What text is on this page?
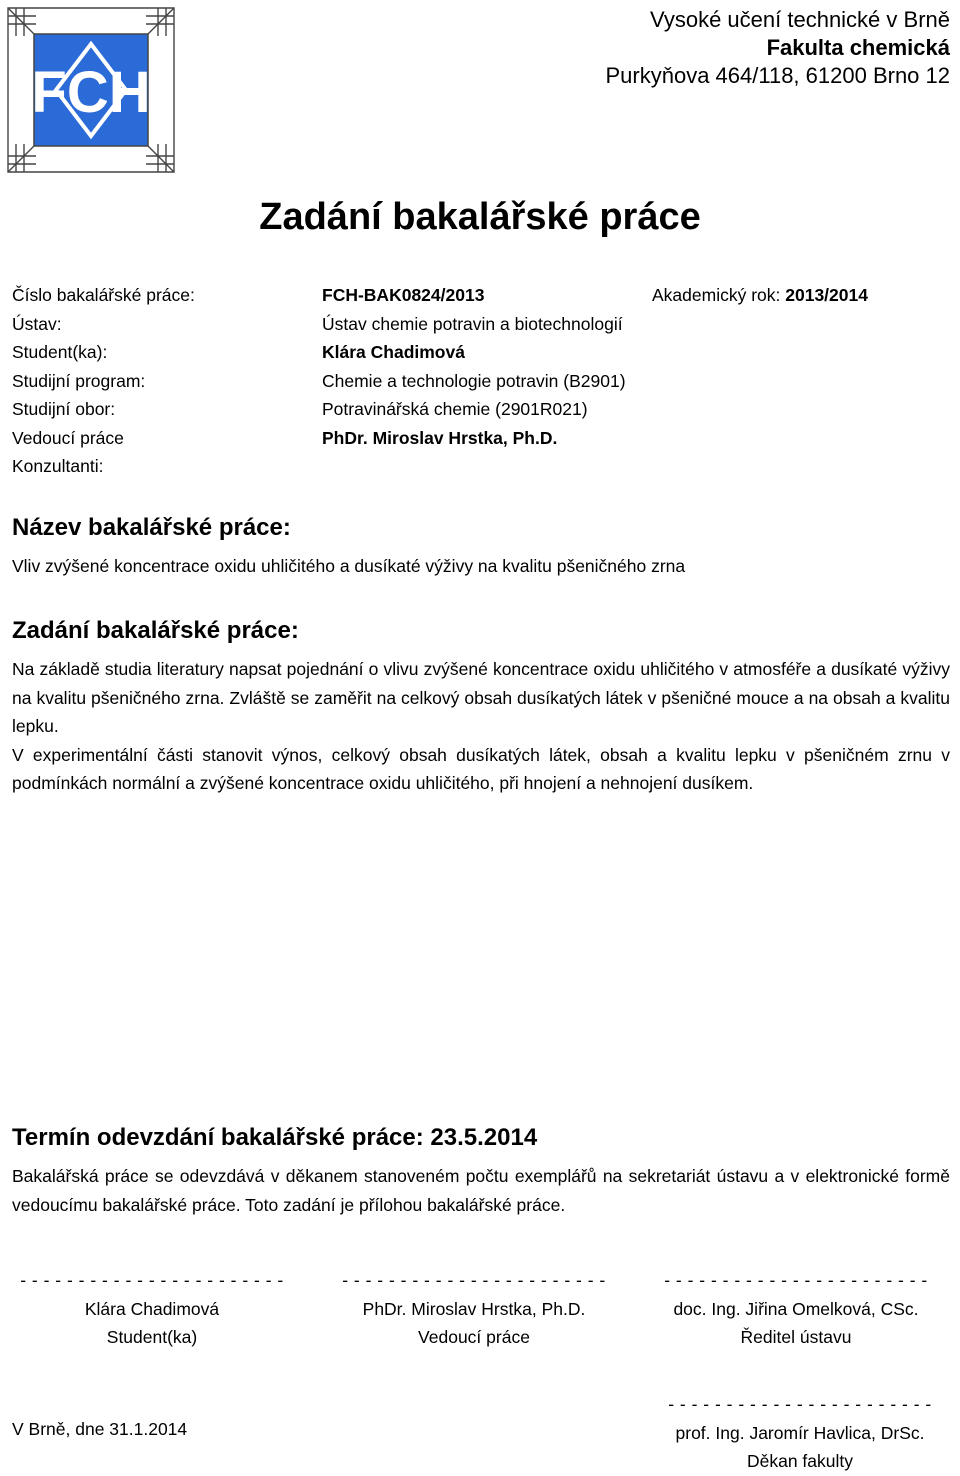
FCH
Vysoké učení technické v Brně
Fakulta chemická
Purkyňova 464/118, 61200 Brno 12
Zadání bakalářské práce
Číslo bakalářské práce:	FCH-BAK0824/2013	Akademický rok: 2013/2014
Ústav:	Ústav chemie potravin a biotechnologií
Student(ka):	Klára Chadimová
Studijní program:	Chemie a technologie potravin (B2901)
Studijní obor:	Potravinářská chemie (2901R021)
Vedoucí práce	PhDr. Miroslav Hrstka, Ph.D.
Konzultanti:
Název bakalářské práce:

Vliv zvýšené koncentrace oxidu uhličitého a dusíkaté výživy na kvalitu pšeničného zrna

Zadání bakalářské práce:

Na základě studia literatury napsat pojednání o vlivu zvýšené koncentrace oxidu uhličitého v atmosféře a dusíkaté výživy na kvalitu pšeničného zrna. Zvláště se zaměřit na celkový obsah dusíkatých látek v pšeničné mouce a na obsah a kvalitu lepku.

V experimentální části stanovit výnos, celkový obsah dusíkatých látek, obsah a kvalitu lepku v pšeničném zrnu v podmínkách normální a zvýšené koncentrace oxidu uhličitého, při hnojení a nehnojení dusíkem.

Termín odevzdání bakalářské práce: 23.5.2014

Bakalářská práce se odevzdává v děkanem stanoveném počtu exemplářů na sekretariát ústavu a v elektronické formě vedoucímu bakalářské práce. Toto zadání je přílohou bakalářské práce.

- - - - - - - - - - - - - - - - - - - - - - -
Klára Chadimová
Student(ka)
- - - - - - - - - - - - - - - - - - - - - - -
PhDr. Miroslav Hrstka, Ph.D.
Vedoucí práce
- - - - - - - - - - - - - - - - - - - - - - -
doc. Ing. Jiřina Omelková, CSc.
Ředitel ústavu
V Brně, dne 31.1.2014
- - - - - - - - - - - - - - - - - - - - - - -
prof. Ing. Jaromír Havlica, DrSc.
Děkan fakulty
